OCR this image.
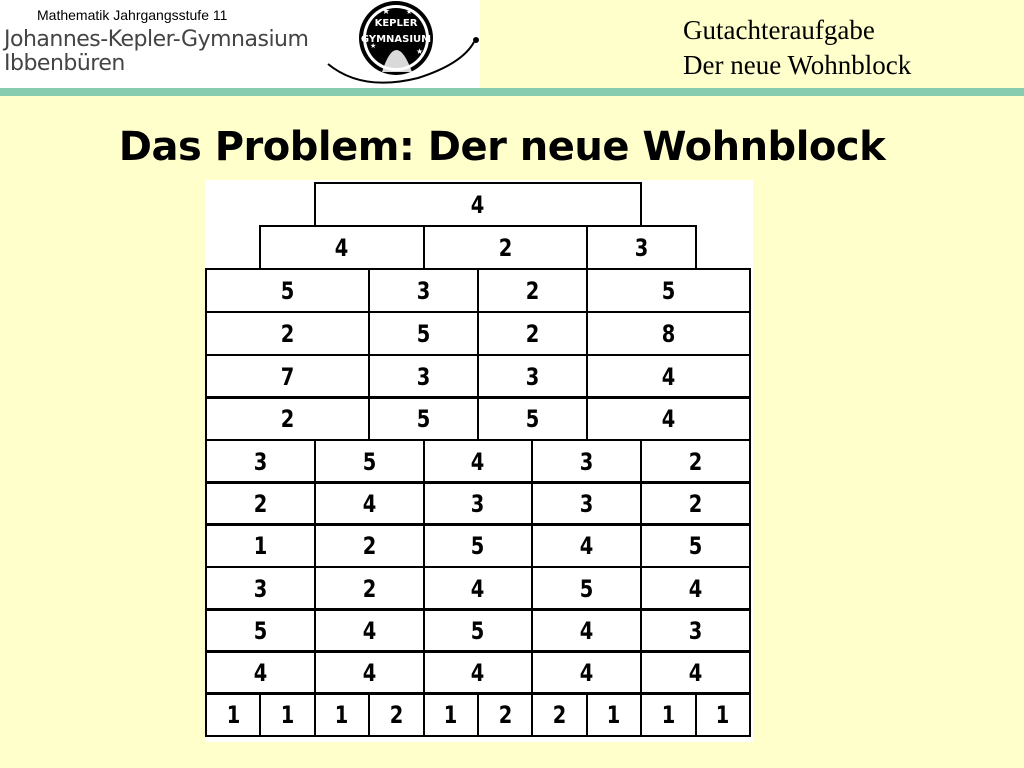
Mathematik Jahrgangsstufe 11
Johannes-Kepler-Gymnasium
Ibbenbüren
KEPLER
GYMNASIUM
★ ★
★
★
Gutachteraufgabe
Der neue Wohnblock
Das Problem: Der neue Wohnblock
4
4	2	3
5	3	2	5
2	5	2	8
7	3	3	4
2	5	5	4
3	5	4	3	2
2	4	3	3	2
1	2	5	4	5
3	2	4	5	4
5	4	5	4	3
4	4	4	4	4
1 1 1 2 1 2 2 1 1 1
